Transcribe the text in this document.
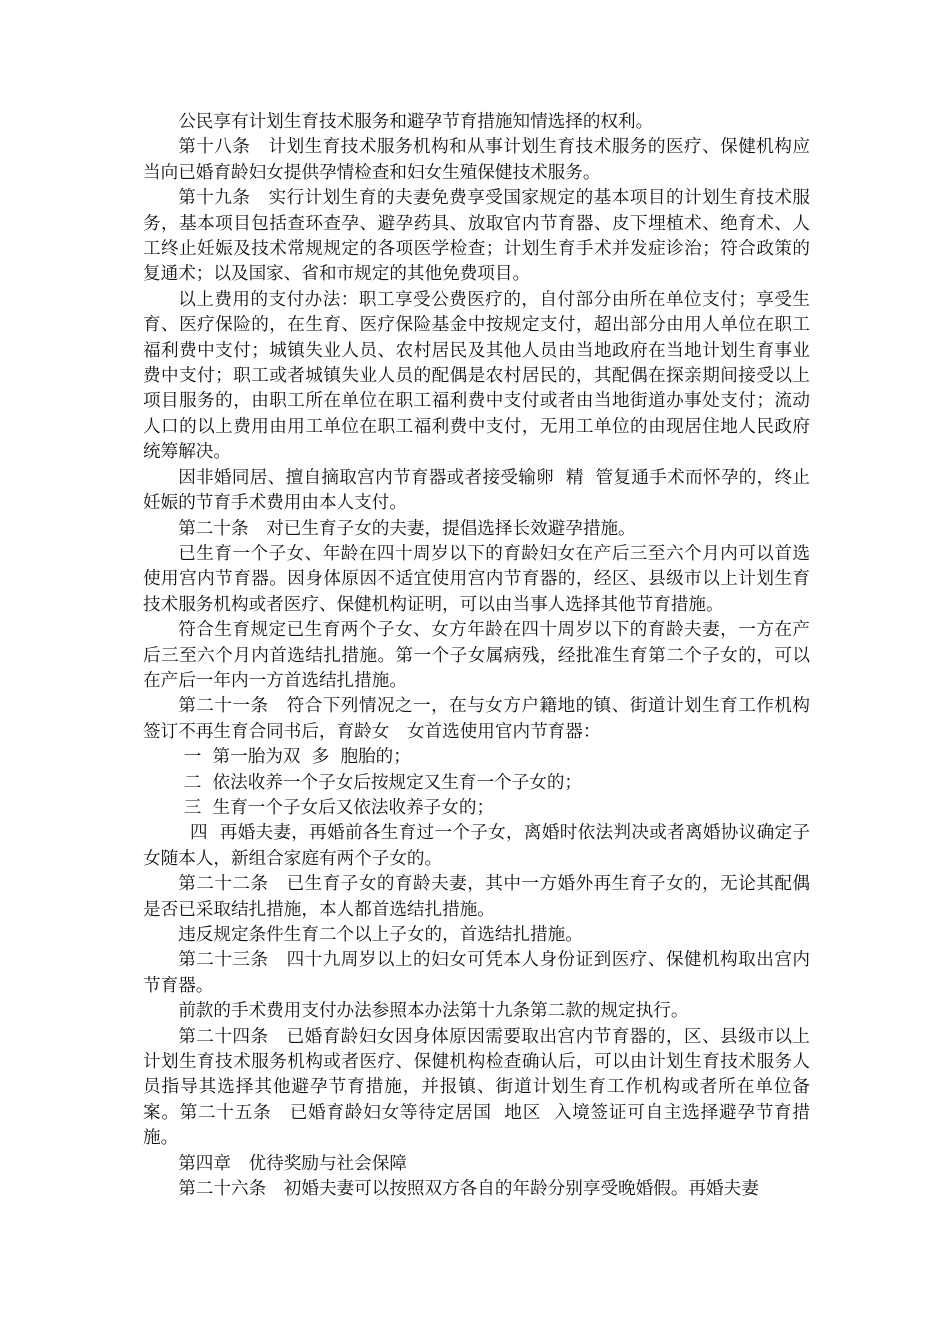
公民享有计划生育技术服务和避孕节育措施知情选择的权利。

第十八条　计划生育技术服务机构和从事计划生育技术服务的医疗、保健机构应当向已婚育龄妇女提供孕情检查和妇女生殖保健技术服务。

第十九条　实行计划生育的夫妻免费享受国家规定的基本项目的计划生育技术服务，基本项目包括查环查孕、避孕药具、放取官内节育器、皮下埋植术、绝育术、人工终止妊娠及技术常规规定的各项医学检查；计划生育手术并发症诊治；符合政策的复通术；以及国家、省和市规定的其他免费项目。

以上费用的支付办法：职工享受公费医疗的，自付部分由所在单位支付；享受生育、医疗保险的，在生育、医疗保险基金中按规定支付，超出部分由用人单位在职工福利费中支付；城镇失业人员、农村居民及其他人员由当地政府在当地计划生育事业费中支付；职工或者城镇失业人员的配偶是农村居民的，其配偶在探亲期间接受以上项目服务的，由职工所在单位在职工福利费中支付或者由当地街道办事处支付；流动人口的以上费用由用工单位在职工福利费中支付，无用工单位的由现居住地人民政府统筹解决。

因非婚同居、擅自摘取宫内节育器或者接受输卵  精  管复通手术而怀孕的，终止妊娠的节育手术费用由本人支付。

第二十条　对已生育子女的夫妻，提倡选择长效避孕措施。

已生育一个子女、年龄在四十周岁以下的育龄妇女在产后三至六个月内可以首选使用宫内节育器。因身体原因不适宜使用宫内节育器的，经区、县级市以上计划生育技术服务机构或者医疗、保健机构证明，可以由当事人选择其他节育措施。

符合生育规定已生育两个子女、女方年龄在四十周岁以下的育龄夫妻，一方在产后三至六个月内首选结扎措施。第一个子女属病残，经批准生育第二个子女的，可以在产后一年内一方首选结扎措施。

第二十一条　符合下列情况之一，在与女方户籍地的镇、街道计划生育工作机构签订不再生育合同书后，育龄女　女首选使用官内节育器：

一  第一胎为双  多  胞胎的；

二  依法收养一个子女后按规定又生育一个子女的；

三  生育一个子女后又依法收养子女的；

四  再婚夫妻，再婚前各生育过一个子女，离婚时依法判决或者离婚协议确定子女随本人，新组合家庭有两个子女的。

第二十二条　已生育子女的育龄夫妻，其中一方婚外再生育子女的，无论其配偶是否已采取结扎措施，本人都首选结扎措施。

违反规定条件生育二个以上子女的，首选结扎措施。

第二十三条　四十九周岁以上的妇女可凭本人身份证到医疗、保健机构取出宫内节育器。

前款的手术费用支付办法参照本办法第十九条第二款的规定执行。

第二十四条　已婚育龄妇女因身体原因需要取出宫内节育器的，区、县级市以上计划生育技术服务机构或者医疗、保健机构检查确认后，可以由计划生育技术服务人员指导其选择其他避孕节育措施，并报镇、街道计划生育工作机构或者所在单位备案。第二十五条　已婚育龄妇女等待定居国  地区  入境签证可自主选择避孕节育措施。

第四章　优待奖励与社会保障

第二十六条　初婚夫妻可以按照双方各自的年龄分别享受晚婚假。再婚夫妻
